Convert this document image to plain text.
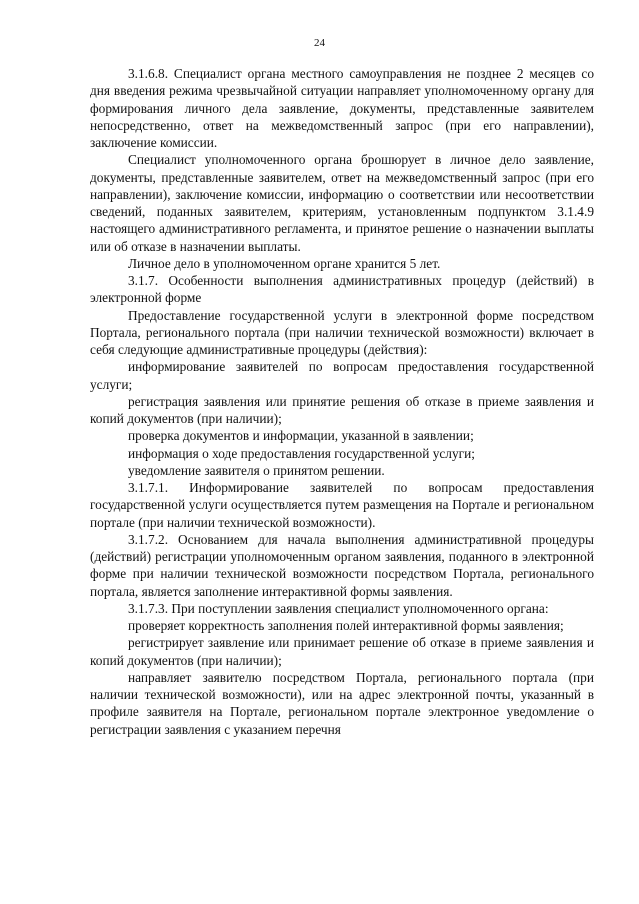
24

3.1.6.8. Специалист органа местного самоуправления не позднее 2 месяцев со дня введения режима чрезвычайной ситуации направляет уполномоченному органу для формирования личного дела заявление, документы, представленные заявителем непосредственно, ответ на межведомственный запрос (при его направлении), заключение комиссии.

Специалист уполномоченного органа брошюрует в личное дело заявление, документы, представленные заявителем, ответ на межведомственный запрос (при его направлении), заключение комиссии, информацию о соответствии или несоответствии сведений, поданных заявителем, критериям, установленным подпунктом 3.1.4.9 настоящего административного регламента, и принятое решение о назначении выплаты или об отказе в назначении выплаты.

Личное дело в уполномоченном органе хранится 5 лет.

3.1.7. Особенности выполнения административных процедур (действий) в электронной форме

Предоставление государственной услуги в электронной форме посредством Портала, регионального портала (при наличии технической возможности) включает в себя следующие административные процедуры (действия):

информирование заявителей по вопросам предоставления государственной услуги;

регистрация заявления или принятие решения об отказе в приеме заявления и копий документов (при наличии);

проверка документов и информации, указанной в заявлении;

информация о ходе предоставления государственной услуги;

уведомление заявителя о принятом решении.

3.1.7.1. Информирование заявителей по вопросам предоставления государственной услуги осуществляется путем размещения на Портале и региональном портале (при наличии технической возможности).

3.1.7.2. Основанием для начала выполнения административной процедуры (действий) регистрации уполномоченным органом заявления, поданного в электронной форме при наличии технической возможности посредством Портала, регионального портала, является заполнение интерактивной формы заявления.

3.1.7.3. При поступлении заявления специалист уполномоченного органа:

проверяет корректность заполнения полей интерактивной формы заявления;

регистрирует заявление или принимает решение об отказе в приеме заявления и копий документов (при наличии);

направляет заявителю посредством Портала, регионального портала (при наличии технической возможности), или на адрес электронной почты, указанный в профиле заявителя на Портале, региональном портале электронное уведомление о регистрации заявления с указанием перечня
